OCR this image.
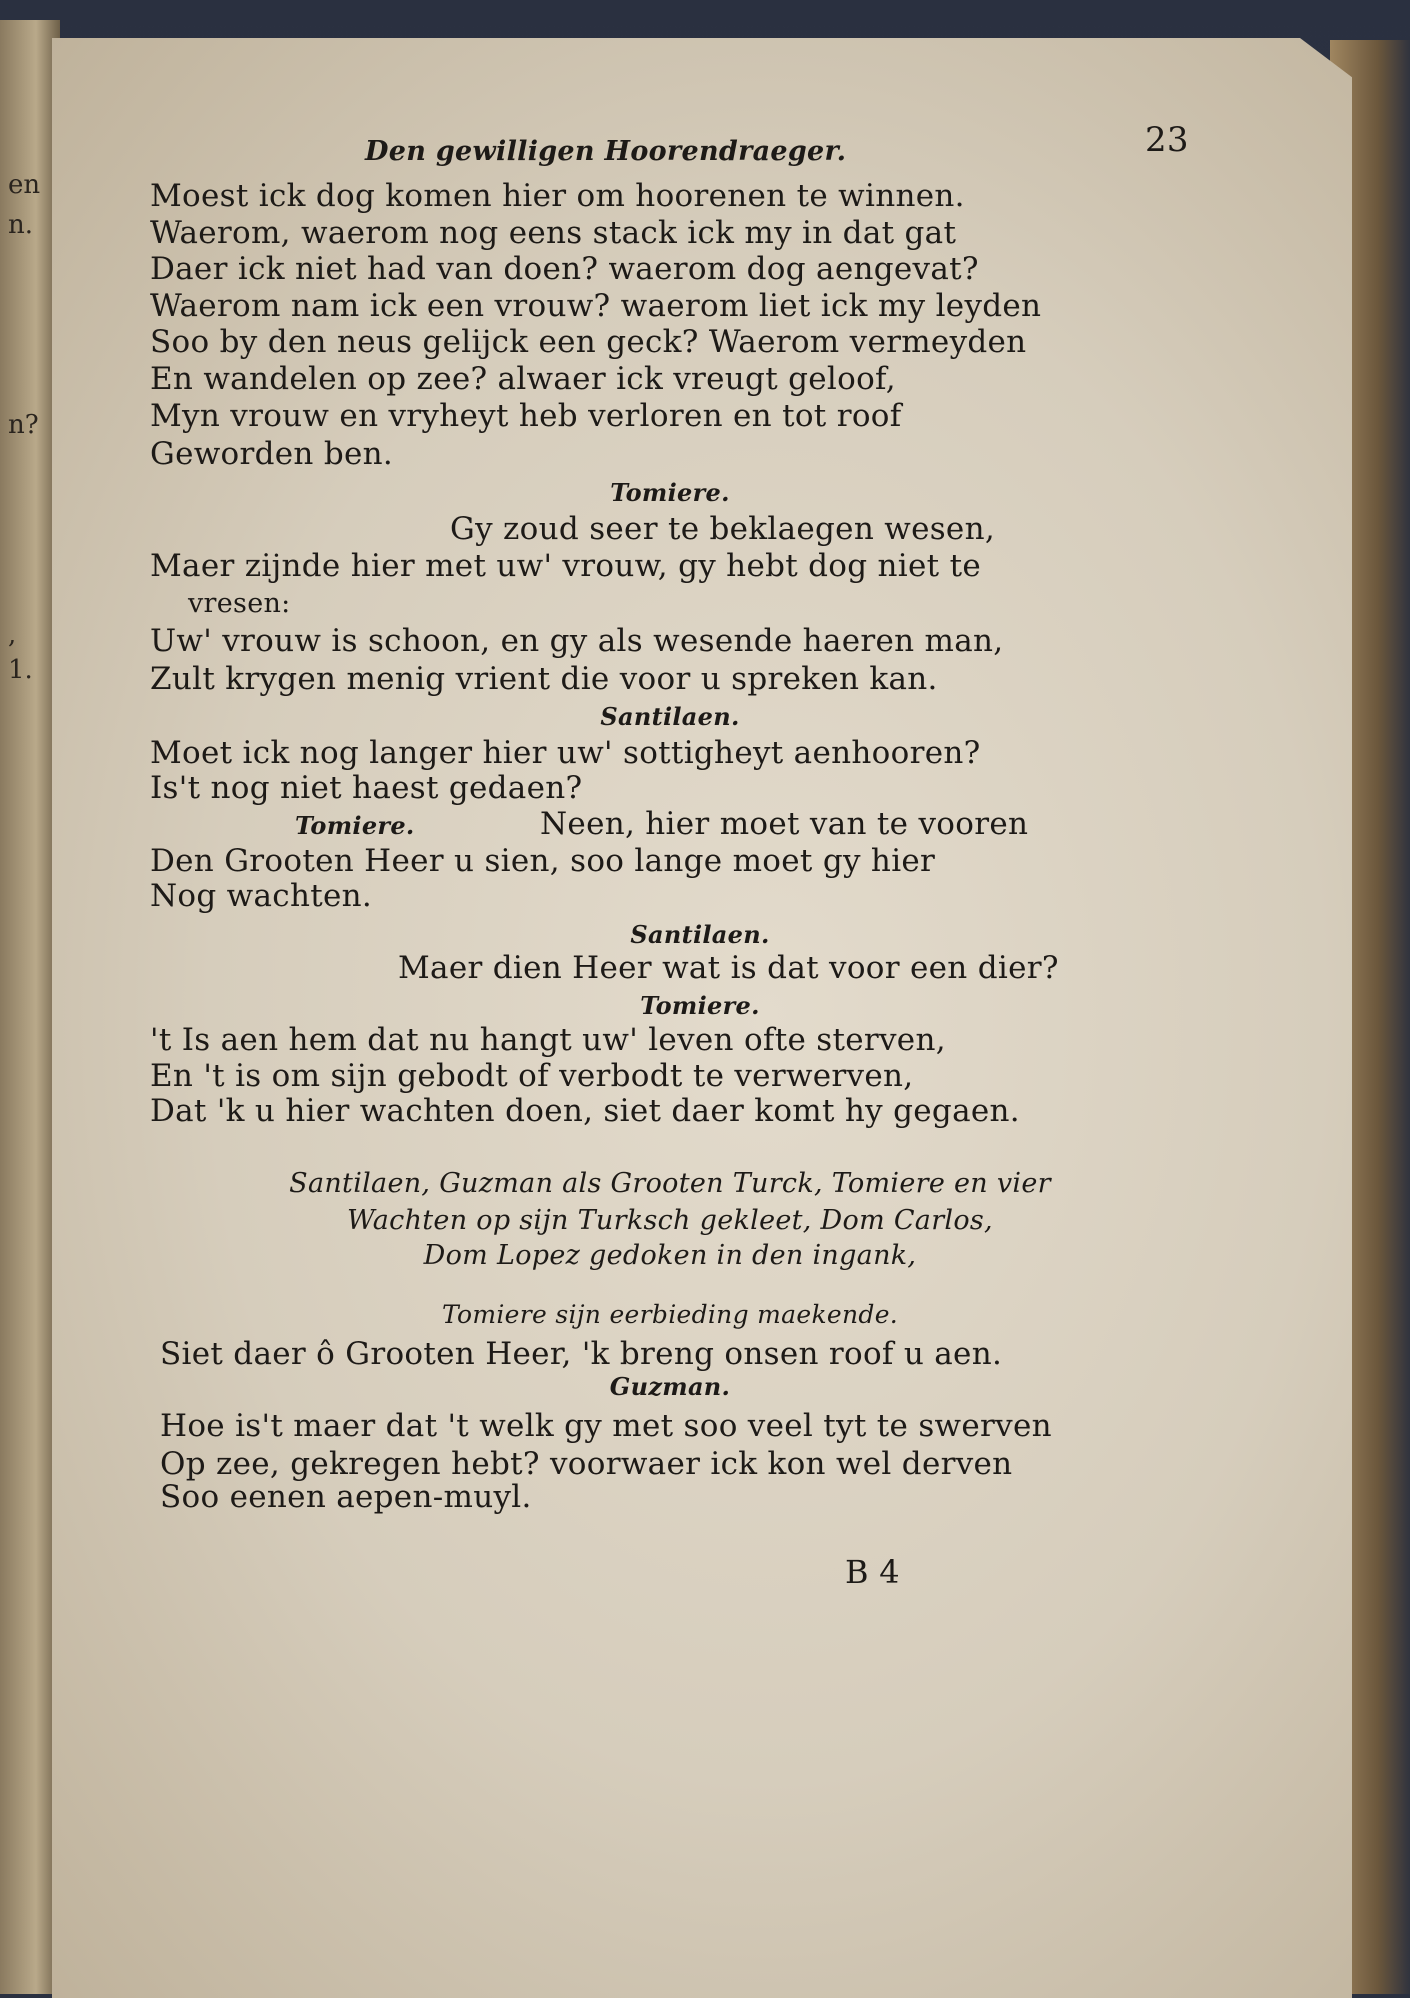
en
n.
n?
,
1.
Den gewilligen Hoorendraeger.	23
Moest ick dog komen hier om hoorenen te winnen.
Waerom, waerom nog eens stack ick my in dat gat
Daer ick niet had van doen? waerom dog aengevat?
Waerom nam ick een vrouw? waerom liet ick my leyden
Soo by den neus gelijck een geck? Waerom vermeyden
En wandelen op zee? alwaer ick vreugt geloof,
Myn vrouw en vryheyt heb verloren en tot roof
Geworden ben.
Tomiere.
Gy zoud seer te beklaegen wesen,
Maer zijnde hier met uw' vrouw, gy hebt dog niet te
vresen:
Uw' vrouw is schoon, en gy als wesende haeren man,
Zult krygen menig vrient die voor u spreken kan.
Santilaen.
Moet ick nog langer hier uw' sottigheyt aenhooren?
Is't nog niet haest gedaen?
Tomiere.	Neen, hier moet van te vooren
Den Grooten Heer u sien, soo lange moet gy hier
Nog wachten.
Santilaen.
Maer dien Heer wat is dat voor een dier?
Tomiere.
't Is aen hem dat nu hangt uw' leven ofte sterven,
En 't is om sijn gebodt of verbodt te verwerven,
Dat 'k u hier wachten doen, siet daer komt hy gegaen.
Santilaen, Guzman als Grooten Turck, Tomiere en vier
Wachten op sijn Turksch gekleet, Dom Carlos,
Dom Lopez gedoken in den ingank,
Tomiere sijn eerbieding maekende.
Siet daer ô Grooten Heer, 'k breng onsen roof u aen.
Guzman.
Hoe is't maer dat 't welk gy met soo veel tyt te swerven
Op zee, gekregen hebt? voorwaer ick kon wel derven
Soo eenen aepen-muyl.
B 4
